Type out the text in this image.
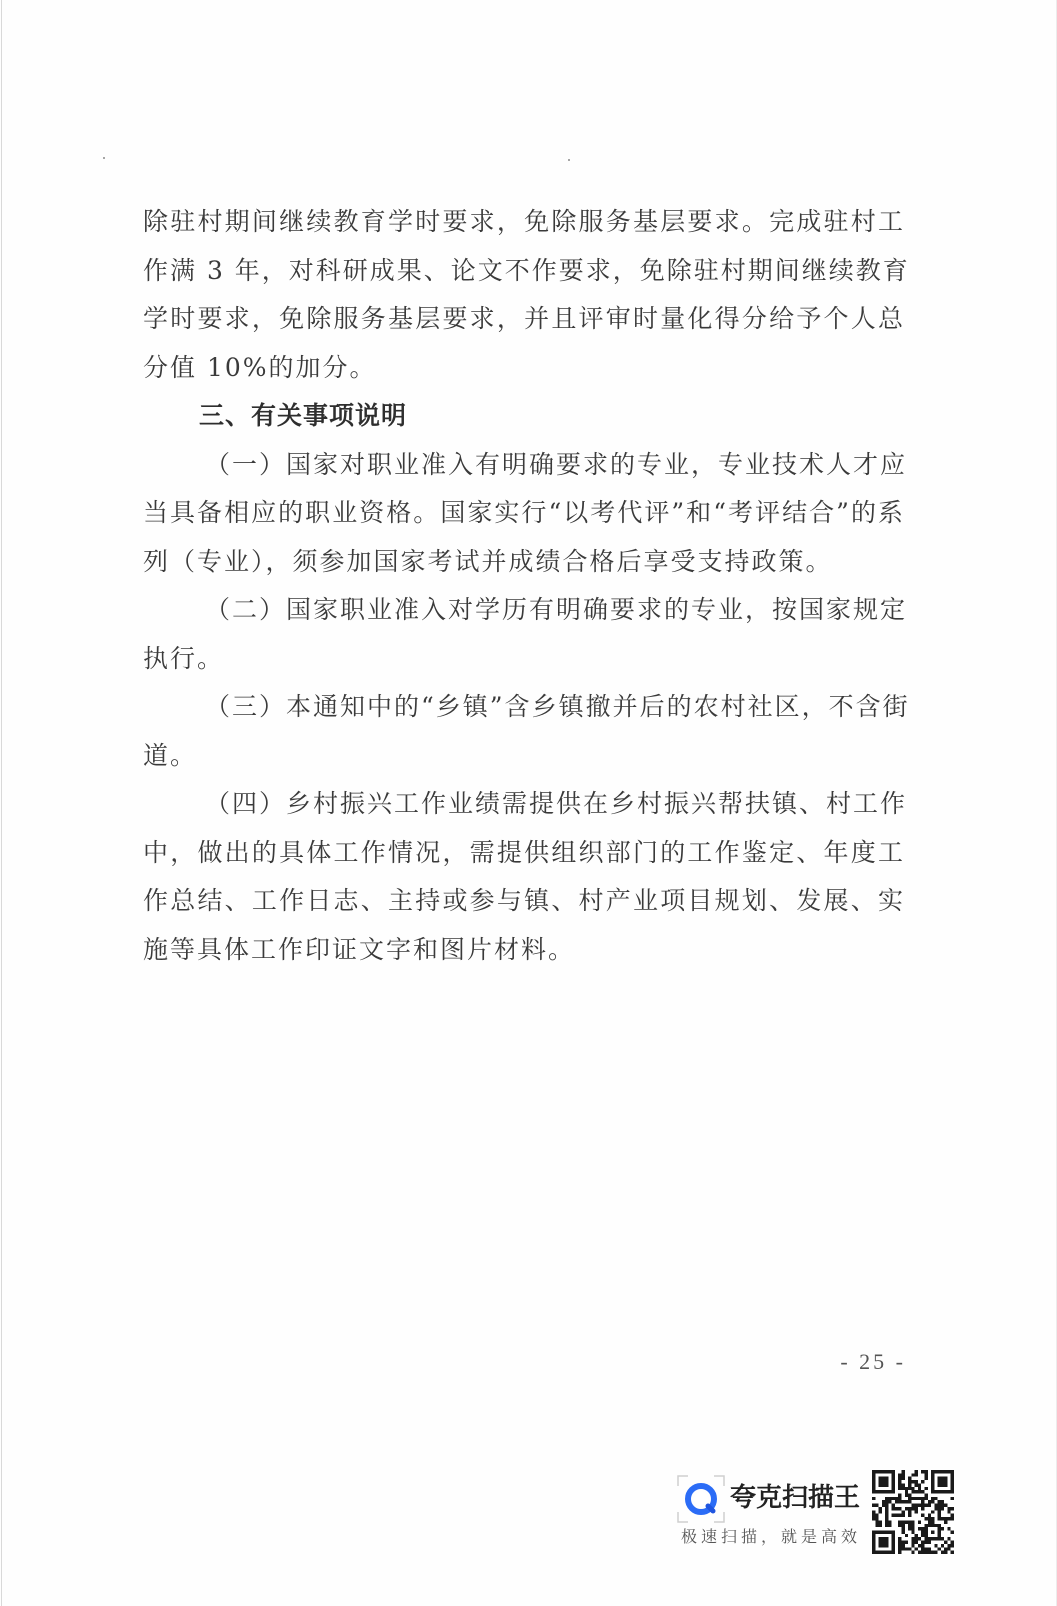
除驻村期间继续教育学时要求，免除服务基层要求。完成驻村工
作满 3 年，对科研成果、论文不作要求，免除驻村期间继续教育
学时要求，免除服务基层要求，并且评审时量化得分给予个人总
分值 10%的加分。
三、有关事项说明
（一）国家对职业准入有明确要求的专业，专业技术人才应
当具备相应的职业资格。国家实行“以考代评”和“考评结合”的系
列（专业），须参加国家考试并成绩合格后享受支持政策。
（二）国家职业准入对学历有明确要求的专业，按国家规定
执行。
（三）本通知中的“乡镇”含乡镇撤并后的农村社区，不含街
道。
（四）乡村振兴工作业绩需提供在乡村振兴帮扶镇、村工作
中，做出的具体工作情况，需提供组织部门的工作鉴定、年度工
作总结、工作日志、主持或参与镇、村产业项目规划、发展、实
施等具体工作印证文字和图片材料。
- 25 -
夸克扫描王
极速扫描，就是高效
